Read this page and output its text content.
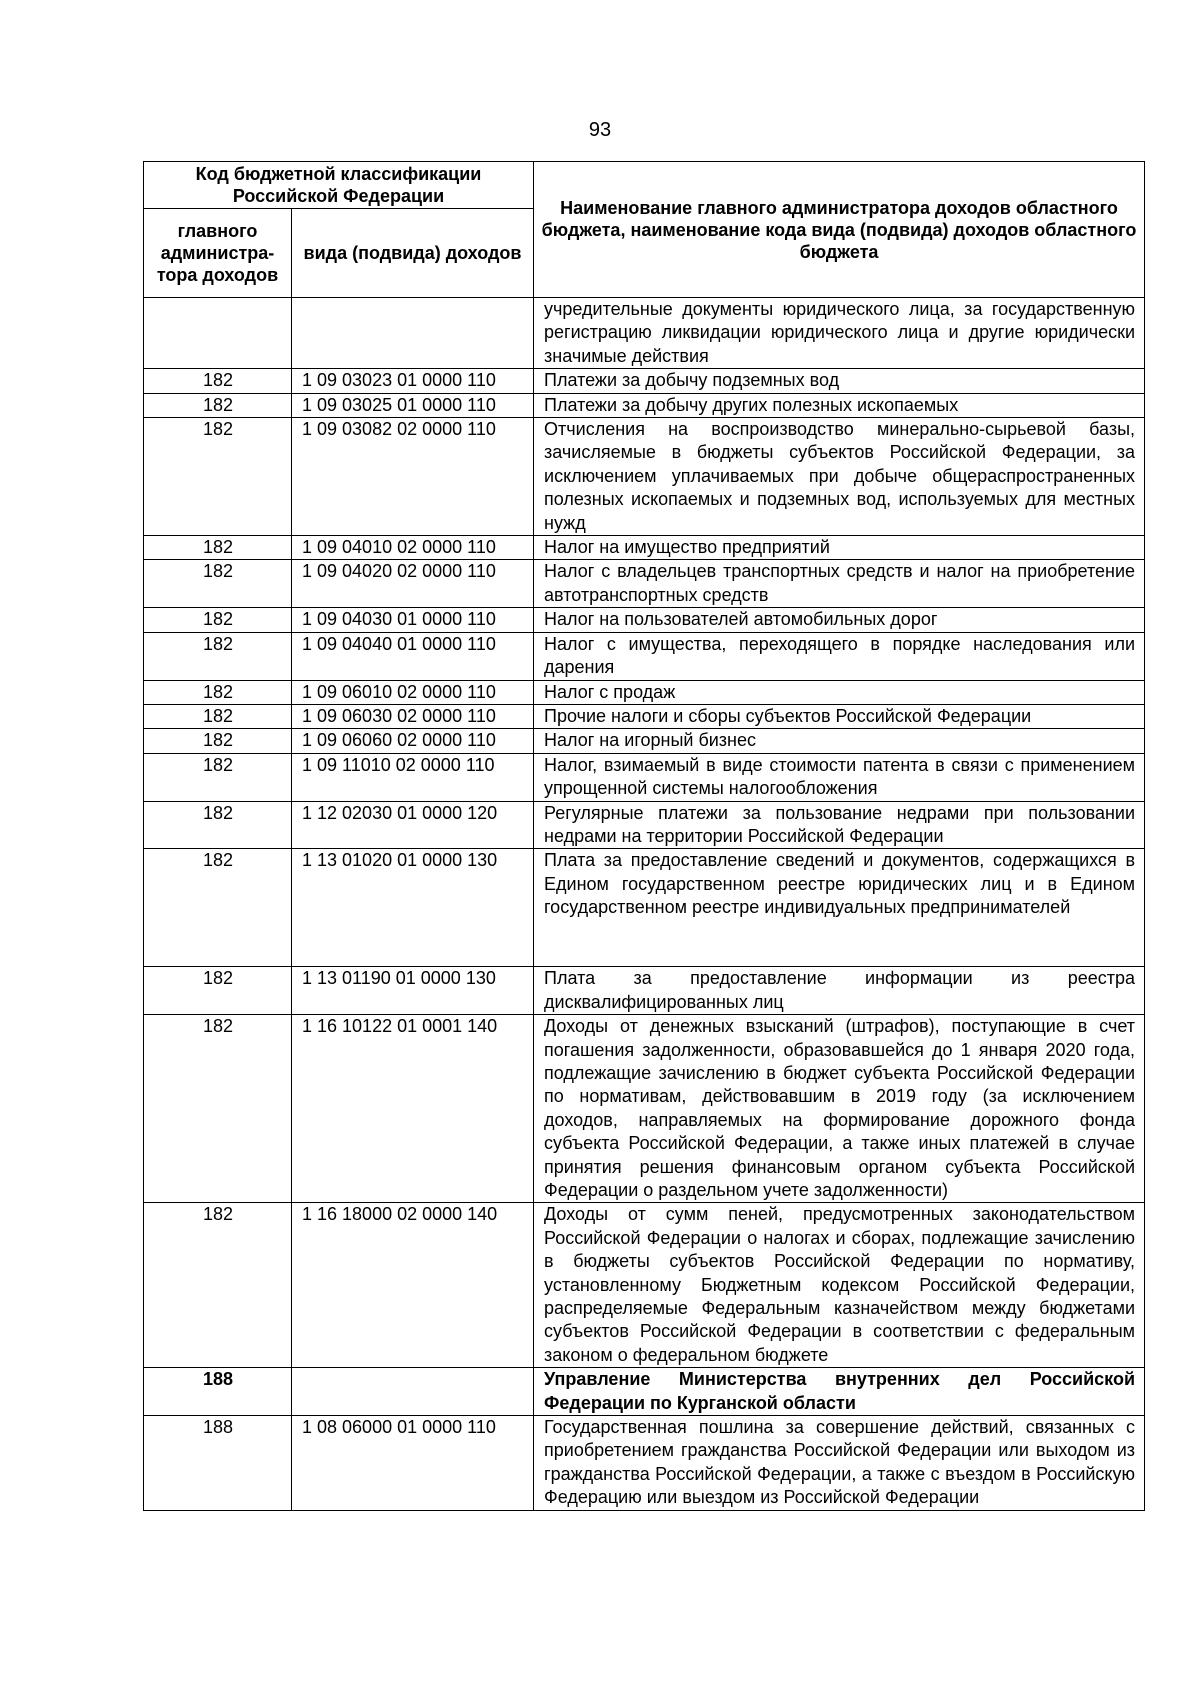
93
Код бюджетной классификации Российской Федерации		Наименование главного администратора доходов областного бюджета, наименование кода вида (подвида) доходов областного бюджета
главного администра-тора доходов	вида (подвида) доходов	
		учредительные документы юридического лица, за государственную регистрацию ликвидации юридического лица и другие юридически значимые действия
182	1 09 03023 01 0000 110	Платежи за добычу подземных вод
182	1 09 03025 01 0000 110	Платежи за добычу других полезных ископаемых
182	1 09 03082 02 0000 110	Отчисления на воспроизводство минерально-сырьевой базы, зачисляемые в бюджеты субъектов Российской Федерации, за исключением уплачиваемых при добыче общераспространенных полезных ископаемых и подземных вод, используемых для местных нужд
182	1 09 04010 02 0000 110	Налог на имущество предприятий
182	1 09 04020 02 0000 110	Налог с владельцев транспортных средств и налог на приобретение автотранспортных средств
182	1 09 04030 01 0000 110	Налог на пользователей автомобильных дорог
182	1 09 04040 01 0000 110	Налог с имущества, переходящего в порядке наследования или дарения
182	1 09 06010 02 0000 110	Налог с продаж
182	1 09 06030 02 0000 110	Прочие налоги и сборы субъектов Российской Федерации
182	1 09 06060 02 0000 110	Налог на игорный бизнес
182	1 09 11010 02 0000 110	Налог, взимаемый в виде стоимости патента в связи с применением упрощенной системы налогообложения
182	1 12 02030 01 0000 120	Регулярные платежи за пользование недрами при пользовании недрами на территории Российской Федерации
182	1 13 01020 01 0000 130	Плата за предоставление сведений и документов, содержащихся в Едином государственном реестре юридических лиц и в Едином государственном реестре индивидуальных предпринимателей
182	1 13 01190 01 0000 130	Плата за предоставление информации из реестра дисквалифицированных лиц
182	1 16 10122 01 0001 140	Доходы от денежных взысканий (штрафов), поступающие в счет погашения задолженности, образовавшейся до 1 января 2020 года, подлежащие зачислению в бюджет субъекта Российской Федерации по нормативам, действовавшим в 2019 году (за исключением доходов, направляемых на формирование дорожного фонда субъекта Российской Федерации, а также иных платежей в случае принятия решения финансовым органом субъекта Российской Федерации о раздельном учете задолженности)
182	1 16 18000 02 0000 140	Доходы от сумм пеней, предусмотренных законодательством Российской Федерации о налогах и сборах, подлежащие зачислению в бюджеты субъектов Российской Федерации по нормативу, установленному Бюджетным кодексом Российской Федерации, распределяемые Федеральным казначейством между бюджетами субъектов Российской Федерации в соответствии с федеральным законом о федеральном бюджете
188		Управление Министерства внутренних дел Российской Федерации по Курганской области
188	1 08 06000 01 0000 110	Государственная пошлина за совершение действий, связанных с приобретением гражданства Российской Федерации или выходом из гражданства Российской Федерации, а также с въездом в Российскую Федерацию или выездом из Российской Федерации
